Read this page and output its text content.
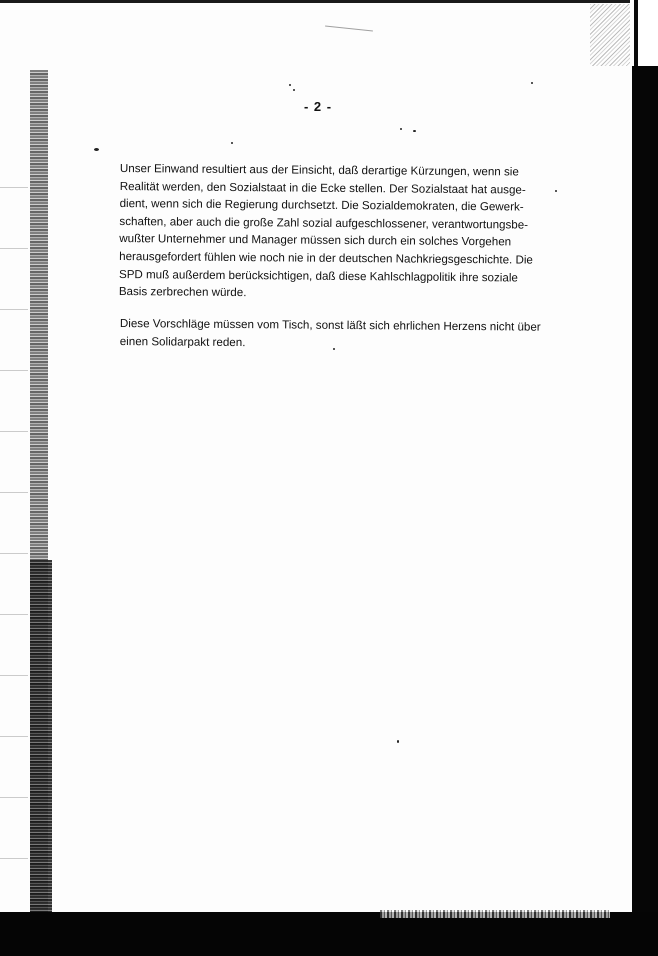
- 2 -

Unser Einwand resultiert aus der Einsicht, daß derartige Kürzungen, wenn sie
Realität werden, den Sozialstaat in die Ecke stellen. Der Sozialstaat hat ausge-
dient, wenn sich die Regierung durchsetzt. Die Sozialdemokraten, die Gewerk-
schaften, aber auch die große Zahl sozial aufgeschlossener, verantwortungsbe-
wußter Unternehmer und Manager müssen sich durch ein solches Vorgehen
herausgefordert fühlen wie noch nie in der deutschen Nachkriegsgeschichte. Die
SPD muß außerdem berücksichtigen, daß diese Kahlschlagpolitik ihre soziale
Basis zerbrechen würde.

Diese Vorschläge müssen vom Tisch, sonst läßt sich ehrlichen Herzens nicht über
einen Solidarpakt reden.
